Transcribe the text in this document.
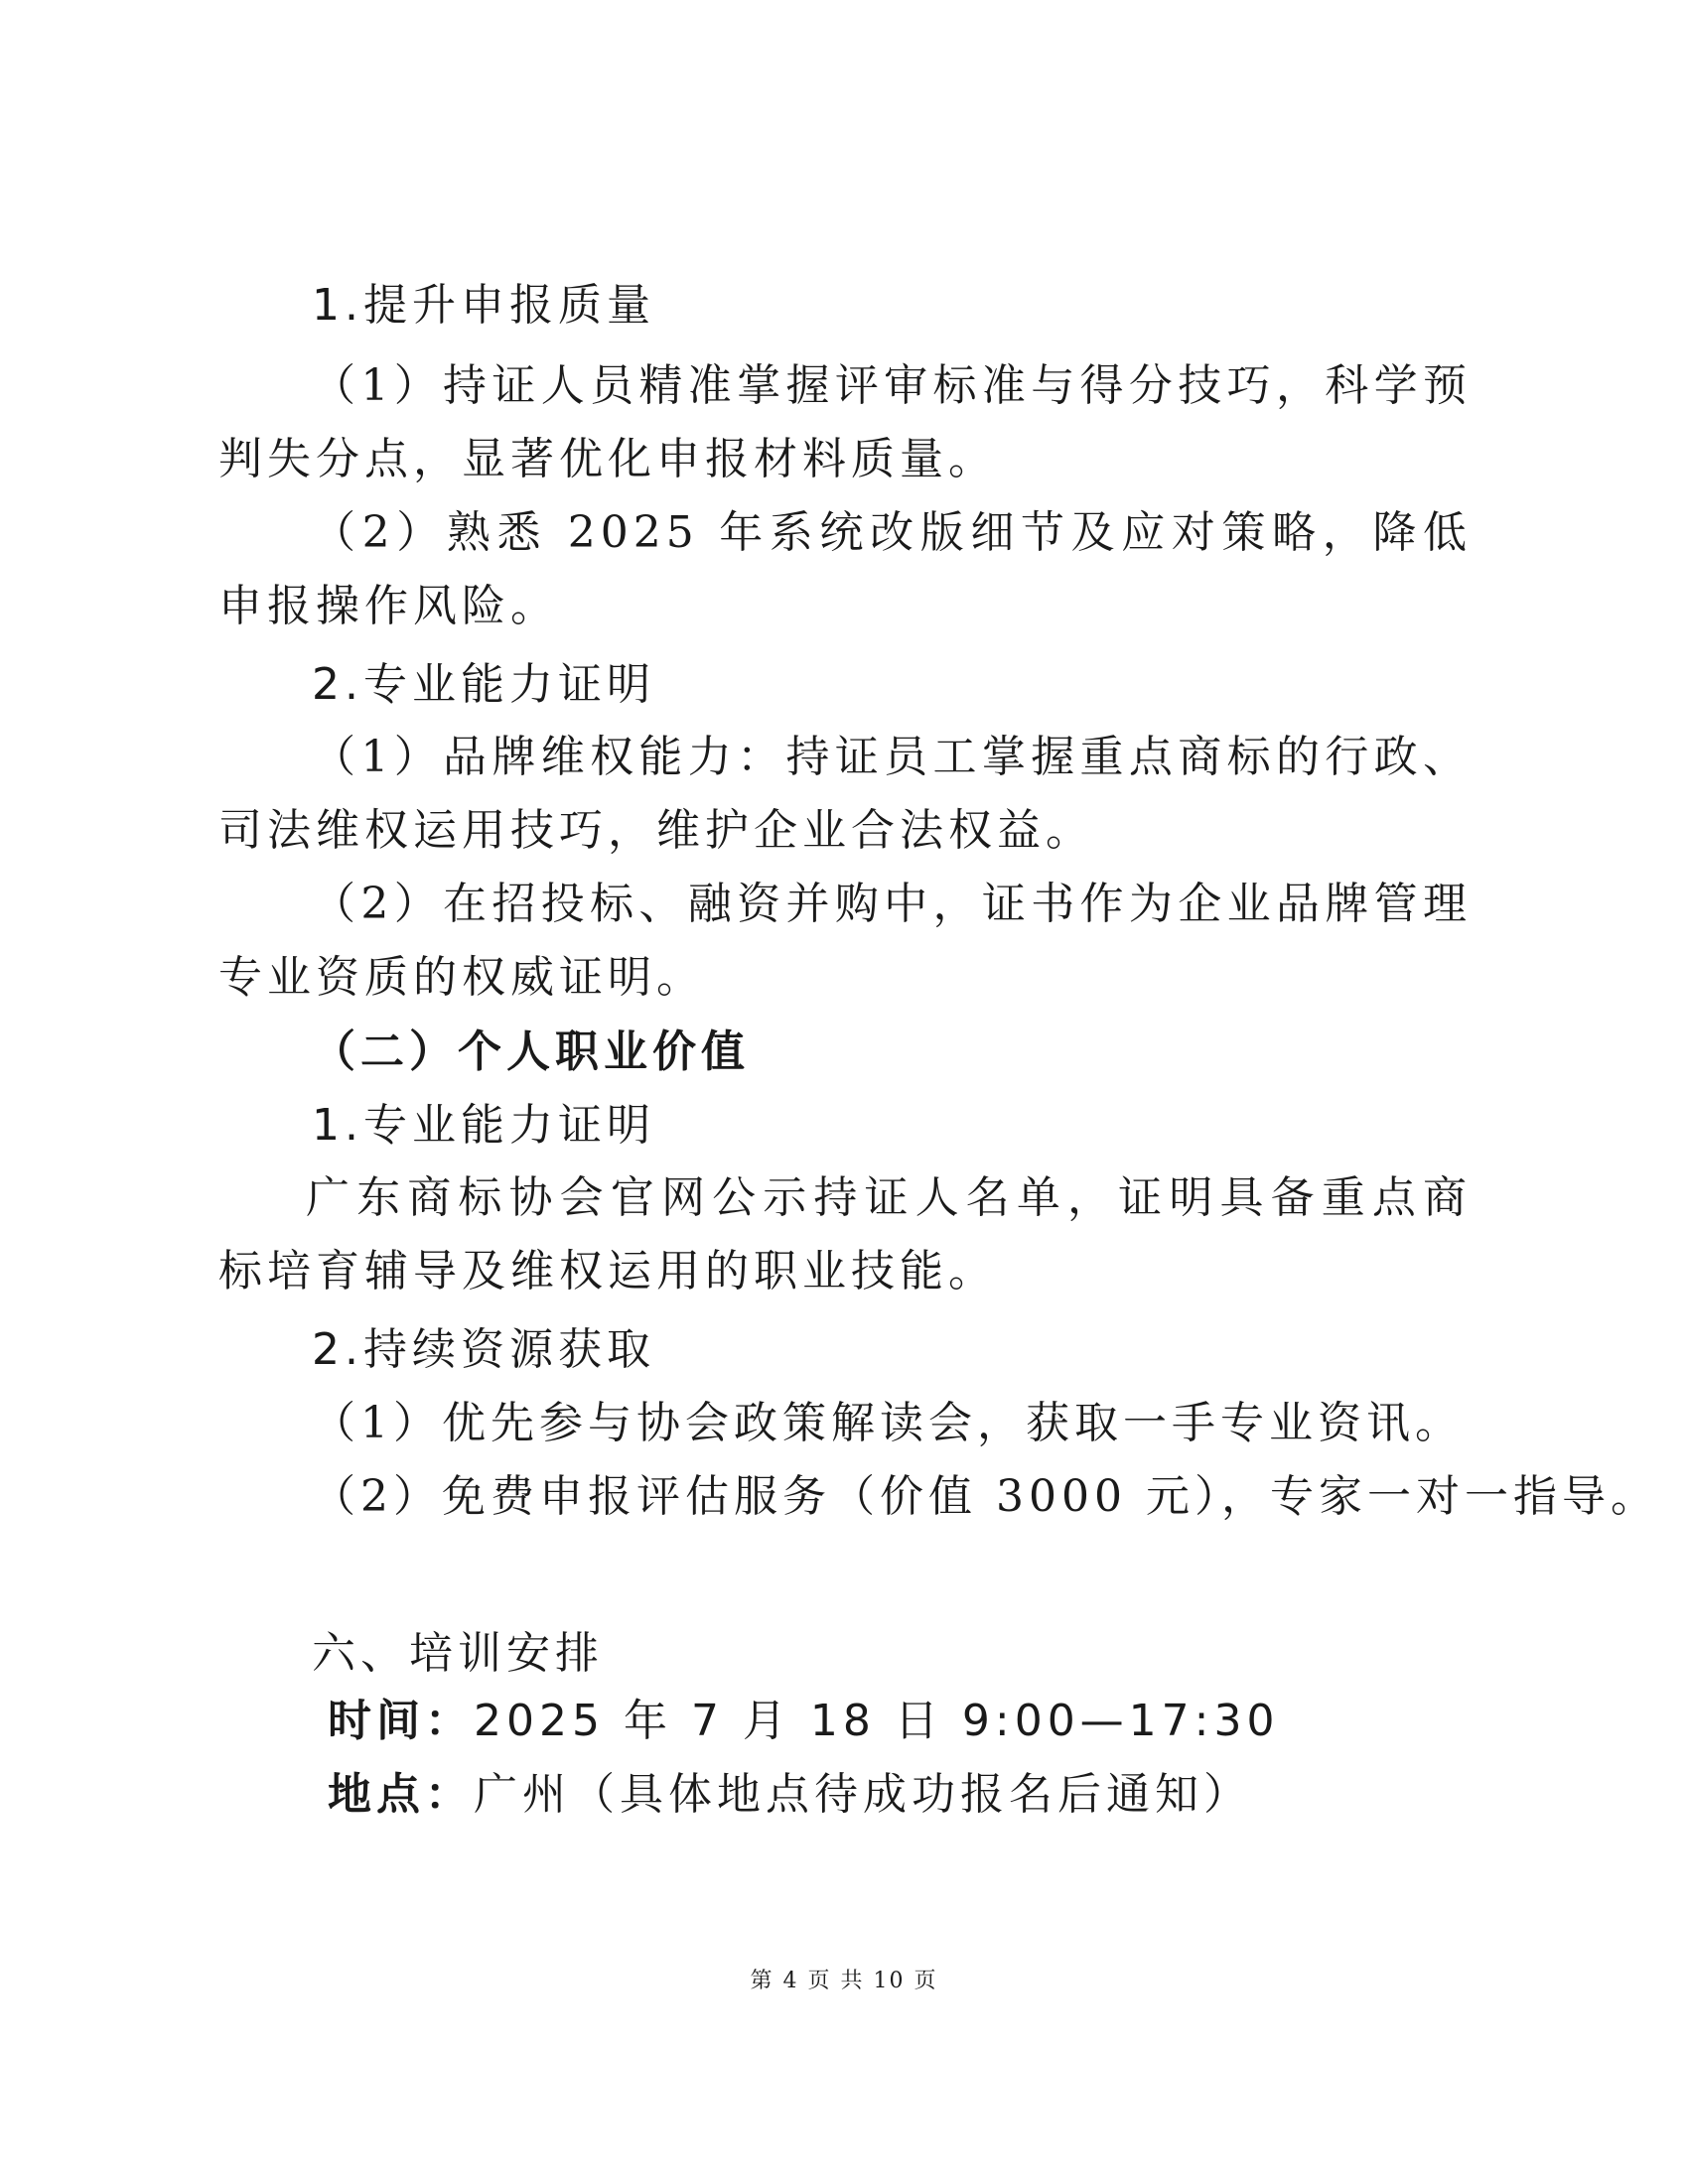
1.提升申报质量

（1）持证人员精准掌握评审标准与得分技巧，科学预判失分点，显著优化申报材料质量。

（2）熟悉 2025 年系统改版细节及应对策略，降低申报操作风险。

2.专业能力证明

（1）品牌维权能力：持证员工掌握重点商标的行政、司法维权运用技巧，维护企业合法权益。

（2）在招投标、融资并购中，证书作为企业品牌管理专业资质的权威证明。

（二）个人职业价值
1.专业能力证明

广东商标协会官网公示持证人名单，证明具备重点商标培育辅导及维权运用的职业技能。

2.持续资源获取
（1）优先参与协会政策解读会，获取一手专业资讯。
（2）免费申报评估服务（价值 3000 元），专家一对一指导。
六、培训安排
时间：2025 年 7 月 18 日 9:00—17:30
地点：广州（具体地点待成功报名后通知）
第 4 页 共 10 页
